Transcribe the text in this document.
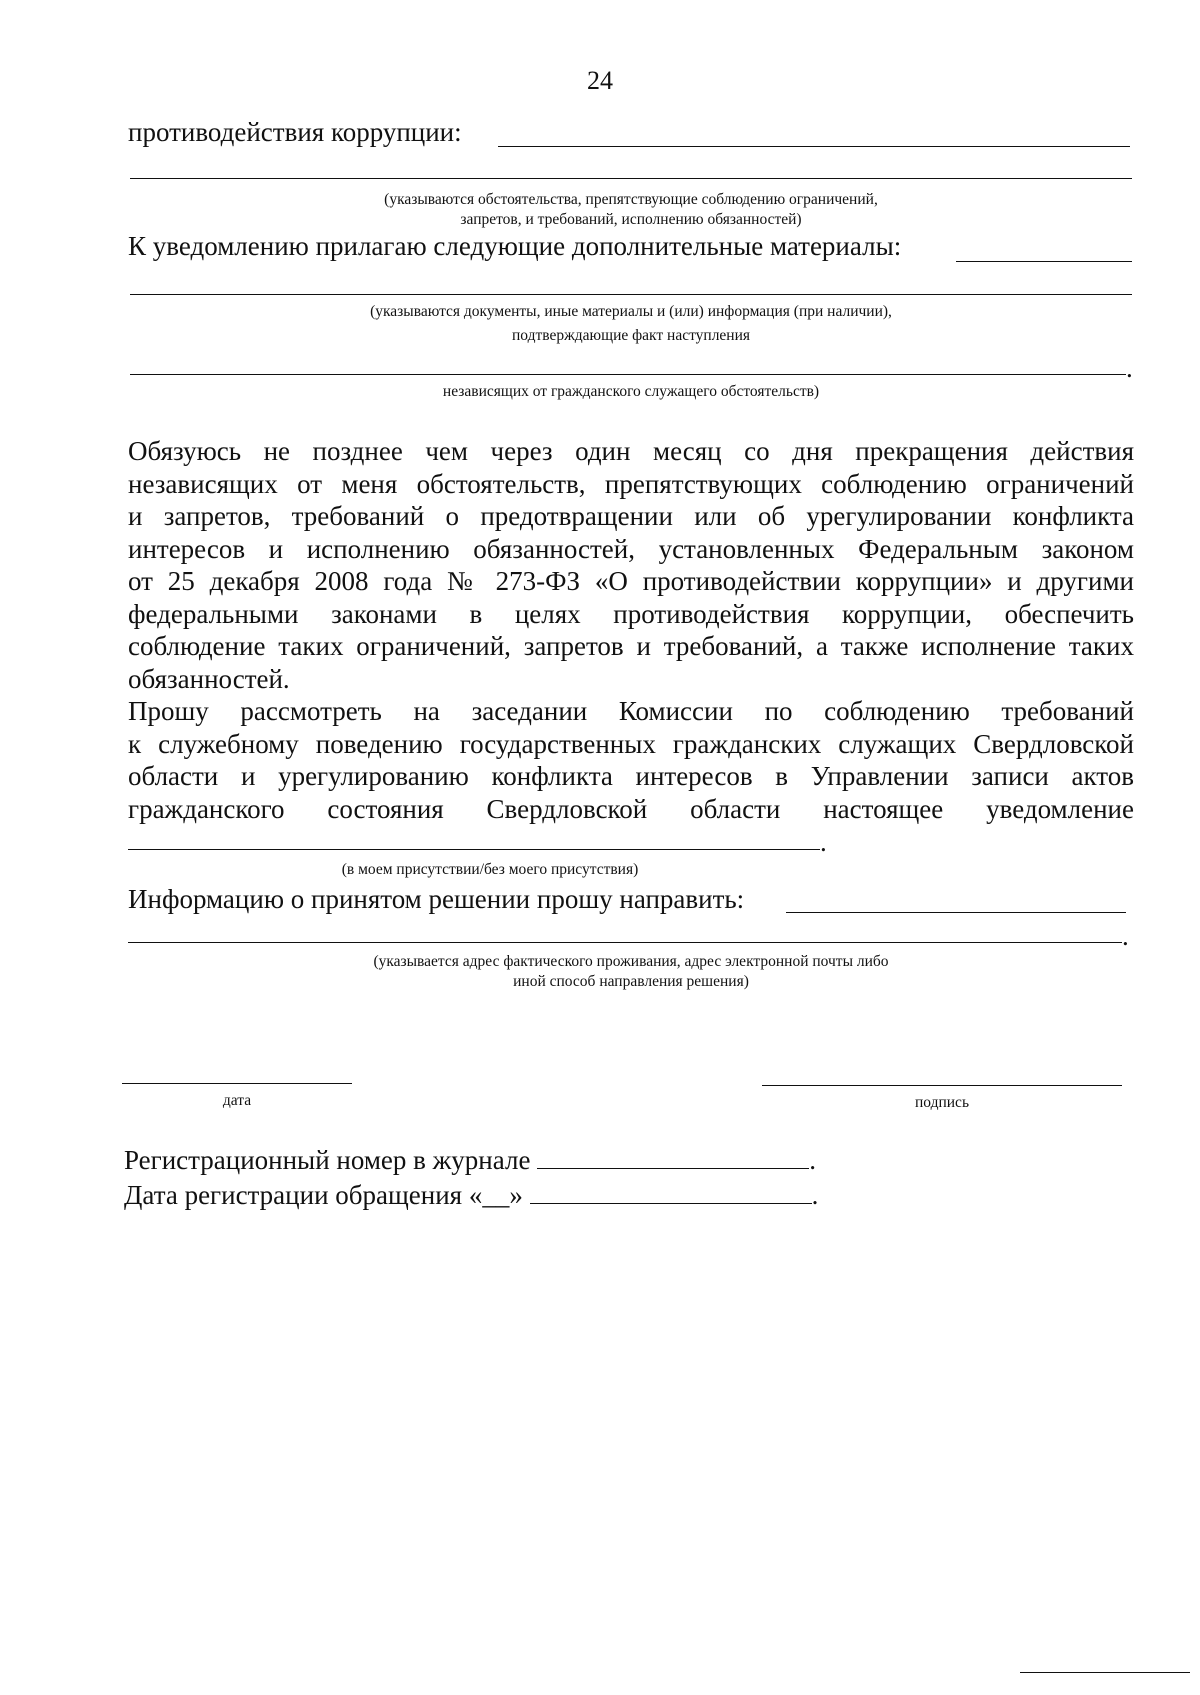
24
противодействия коррупции:
(указываются обстоятельства, препятствующие соблюдению ограничений,
запретов, и требований, исполнению обязанностей)
К уведомлению прилагаю следующие дополнительные материалы:
(указываются документы, иные материалы и (или) информация (при наличии),
подтверждающие факт наступления
.
независящих от гражданского служащего обстоятельств)
Обязуюсь не позднее чем через один месяц со дня прекращения действия
независящих от меня обстоятельств, препятствующих соблюдению ограничений
и запретов, требований о предотвращении или об урегулировании конфликта
интересов и исполнению обязанностей, установленных Федеральным законом
от 25 декабря 2008 года № 273-ФЗ «О противодействии коррупции» и другими
федеральными законами в целях противодействия коррупции, обеспечить
соблюдение таких ограничений, запретов и требований, а также исполнение таких
обязанностей.
Прошу рассмотреть на заседании Комиссии по соблюдению требований
к служебному поведению государственных гражданских служащих Свердловской
области и урегулированию конфликта интересов в Управлении записи актов
гражданского состояния Свердловской области настоящее уведомление
.
(в моем присутствии/без моего присутствия)
Информацию о принятом решении прошу направить:
.
(указывается адрес фактического проживания, адрес электронной почты либо
иной способ направления решения)
дата	подпись
Регистрационный номер в журнале	.
Дата регистрации обращения «__»	.
